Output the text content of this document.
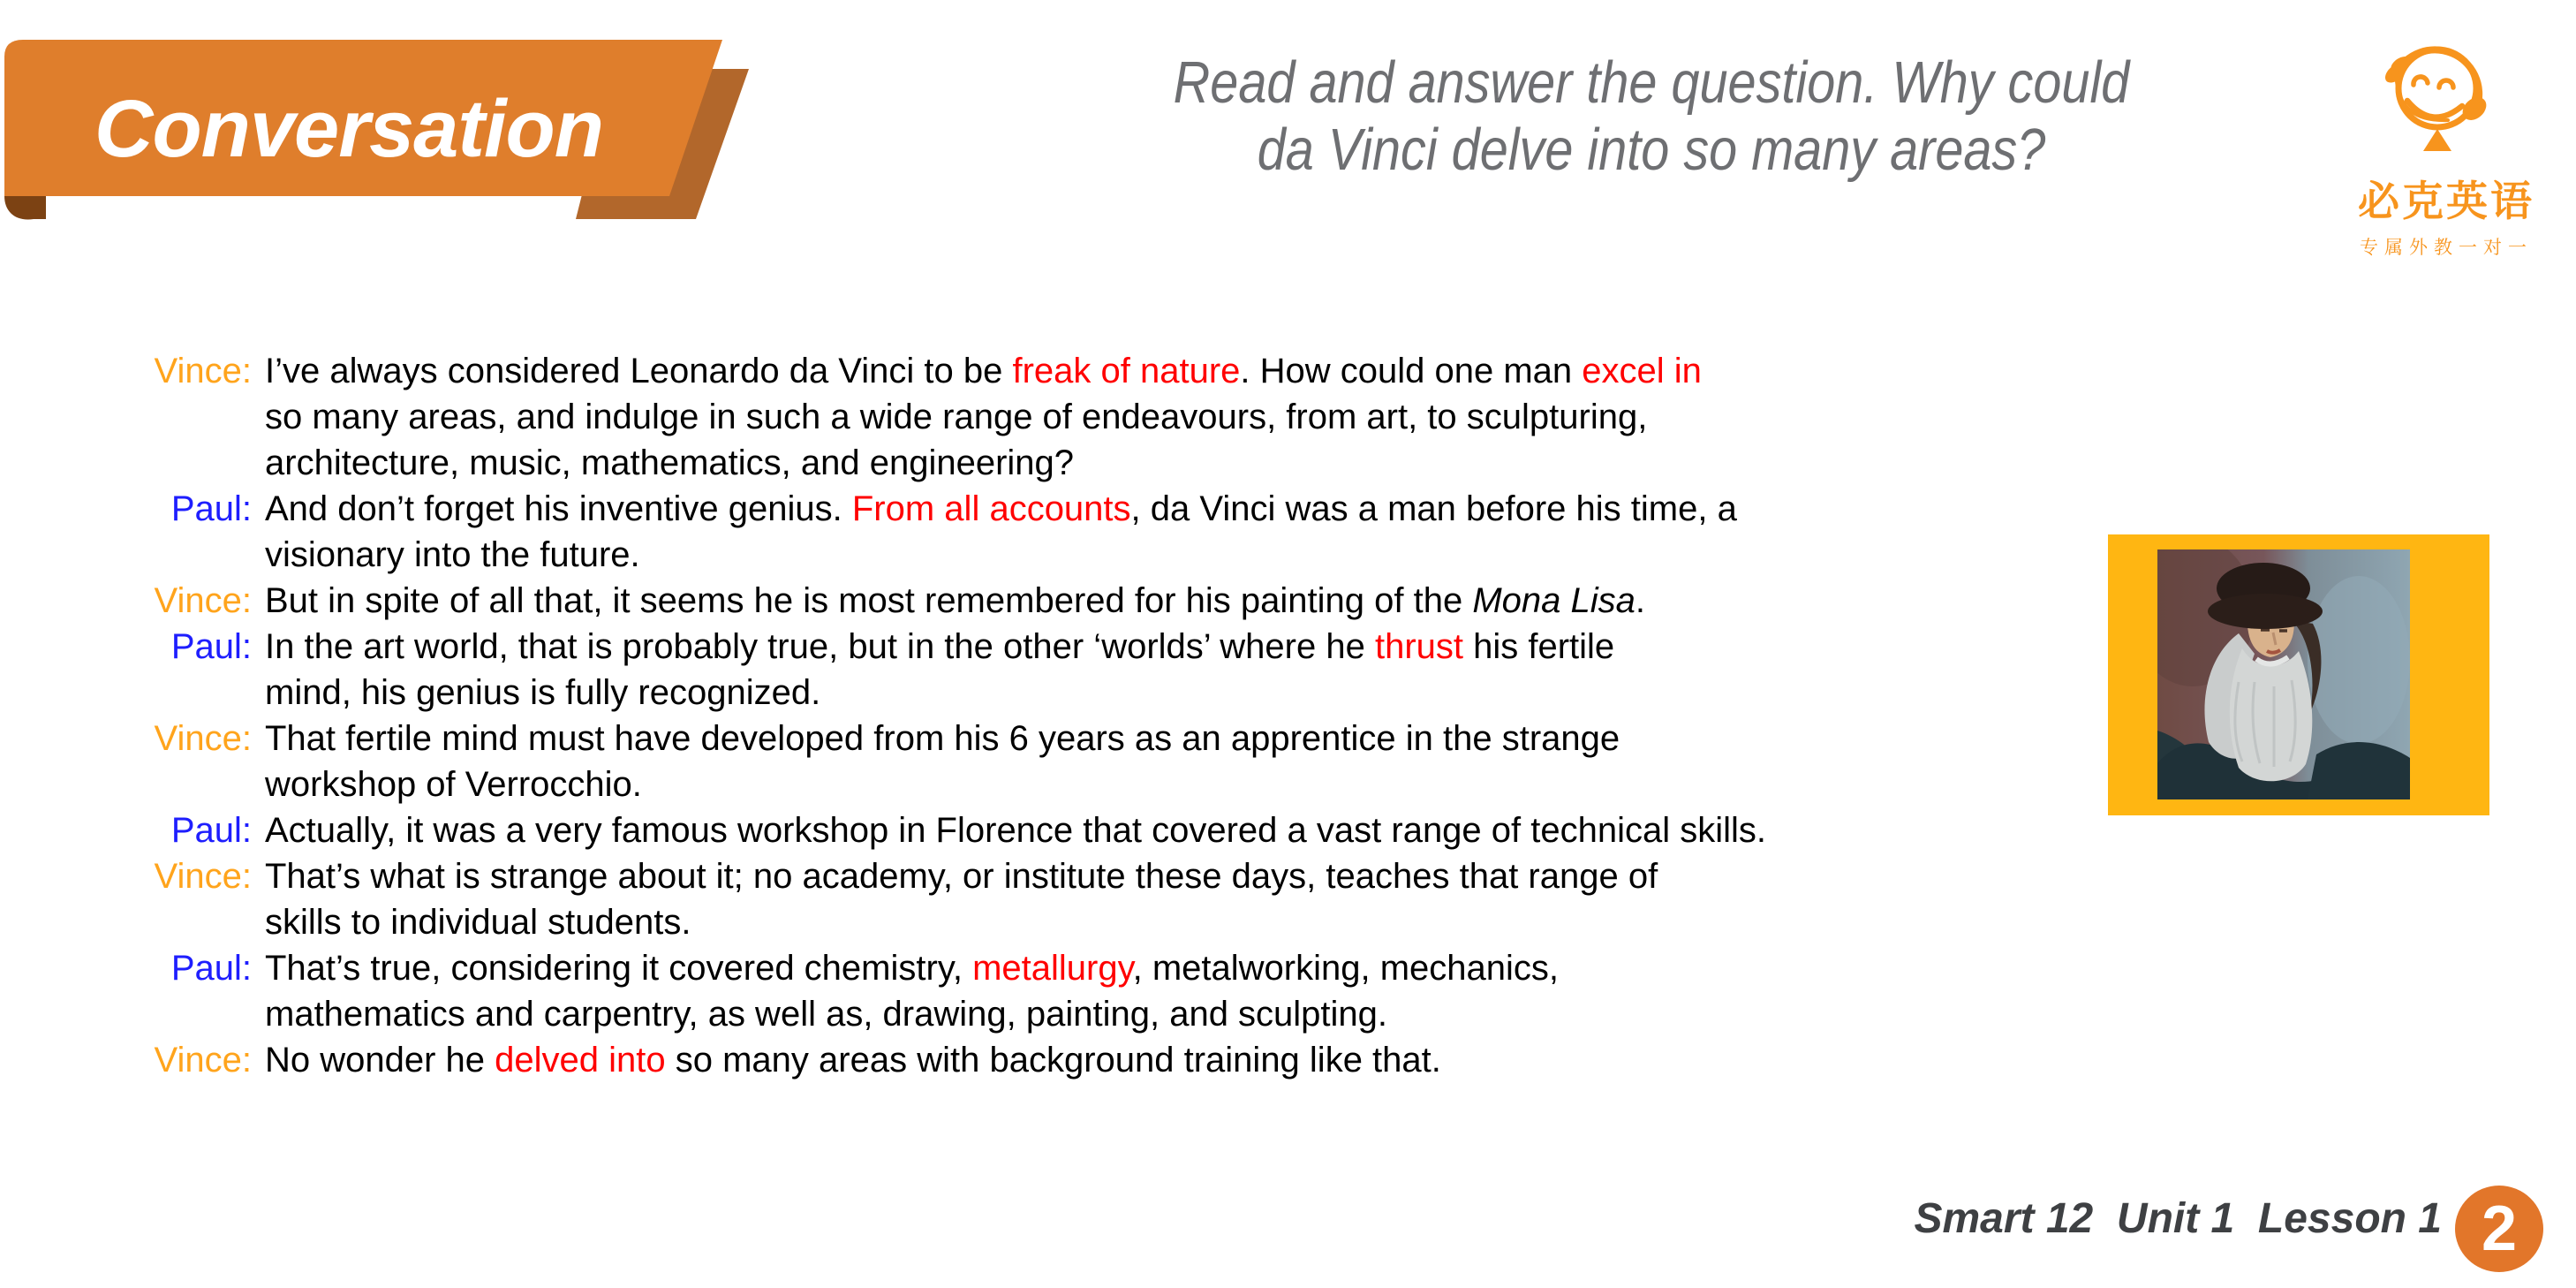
Conversation
Read and answer the question. Why could
da Vinci delve into so many areas?
必克英语
专属外教一对一
Vince: I’ve always considered Leonardo da Vinci to be freak of nature. How could one man excel in
so many areas, and indulge in such a wide range of endeavours, from art, to sculpturing,
architecture, music, mathematics, and engineering?
Paul: And don’t forget his inventive genius. From all accounts, da Vinci was a man before his time, a
visionary into the future.
Vince: But in spite of all that, it seems he is most remembered for his painting of the Mona Lisa.
Paul: In the art world, that is probably true, but in the other ‘worlds’ where he thrust his fertile
mind, his genius is fully recognized.
Vince: That fertile mind must have developed from his 6 years as an apprentice in the strange
workshop of Verrocchio.
Paul: Actually, it was a very famous workshop in Florence that covered a vast range of technical skills.
Vince: That’s what is strange about it; no academy, or institute these days, teaches that range of
skills to individual students.
Paul: That’s true, considering it covered chemistry, metallurgy, metalworking, mechanics,
mathematics and carpentry, as well as, drawing, painting, and sculpting.
Vince: No wonder he delved into so many areas with background training like that.
Smart 12  Unit 1  Lesson 1 2
